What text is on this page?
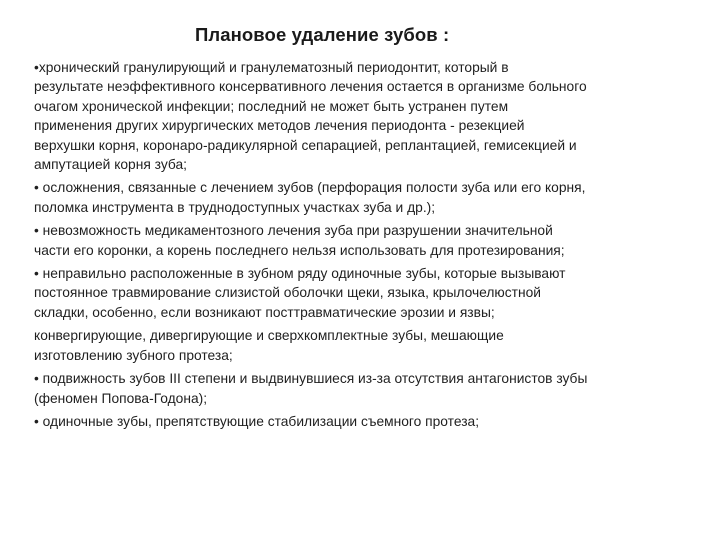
Плановое удаление зубов :

•хронический гранулирующий и гранулематозный периодонтит, который в
результате неэффективного консервативного лечения остается в организме больного
очагом хронической инфекции; последний не может быть устранен путем
применения других хирургических методов лечения периодонта - резекцией
верхушки корня, коронаро-радикулярной сепарацией, реплантацией, гемисекцией и
ампутацией корня зуба;

• осложнения, связанные с лечением зубов (перфорация полости зуба или его корня,
поломка инструмента в труднодоступных участках зуба и др.);

• невозможность медикаментозного лечения зуба при разрушении значительной
части его коронки, а корень последнего нельзя использовать для протезирования;

• неправильно расположенные в зубном ряду одиночные зубы, которые вызывают
постоянное травмирование слизистой оболочки щеки, языка, крылочелюстной
складки, особенно, если возникают посттравматические эрозии и язвы;

конвергирующие, дивергирующие и сверхкомплектные зубы, мешающие
изготовлению зубного протеза;

• подвижность зубов III степени и выдвинувшиеся из-за отсутствия антагонистов зубы
(феномен Попова-Годона);

• одиночные зубы, препятствующие стабилизации съемного протеза;
